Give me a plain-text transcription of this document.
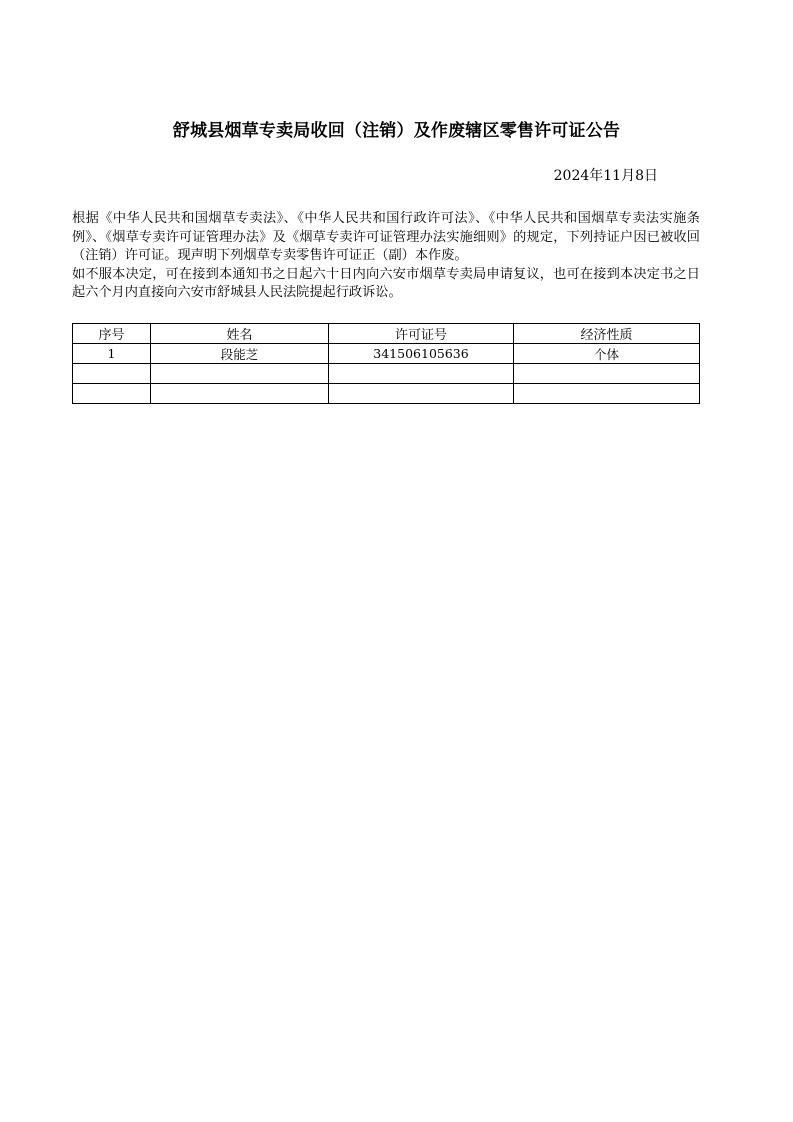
舒城县烟草专卖局收回（注销）及作废辖区零售许可证公告
2024年11月8日

根据《中华人民共和国烟草专卖法》、《中华人民共和国行政许可法》、《中华人民共和国烟草专卖法实施条例》、《烟草专卖许可证管理办法》及《烟草专卖许可证管理办法实施细则》的规定，下列持证户因已被收回（注销）许可证。现声明下列烟草专卖零售许可证正（副）本作废。

如不服本决定，可在接到本通知书之日起六十日内向六安市烟草专卖局申请复议，也可在接到本决定书之日起六个月内直接向六安市舒城县人民法院提起行政诉讼。

序号	姓名	许可证号	经济性质
1	段能芝	341506105636	个体
